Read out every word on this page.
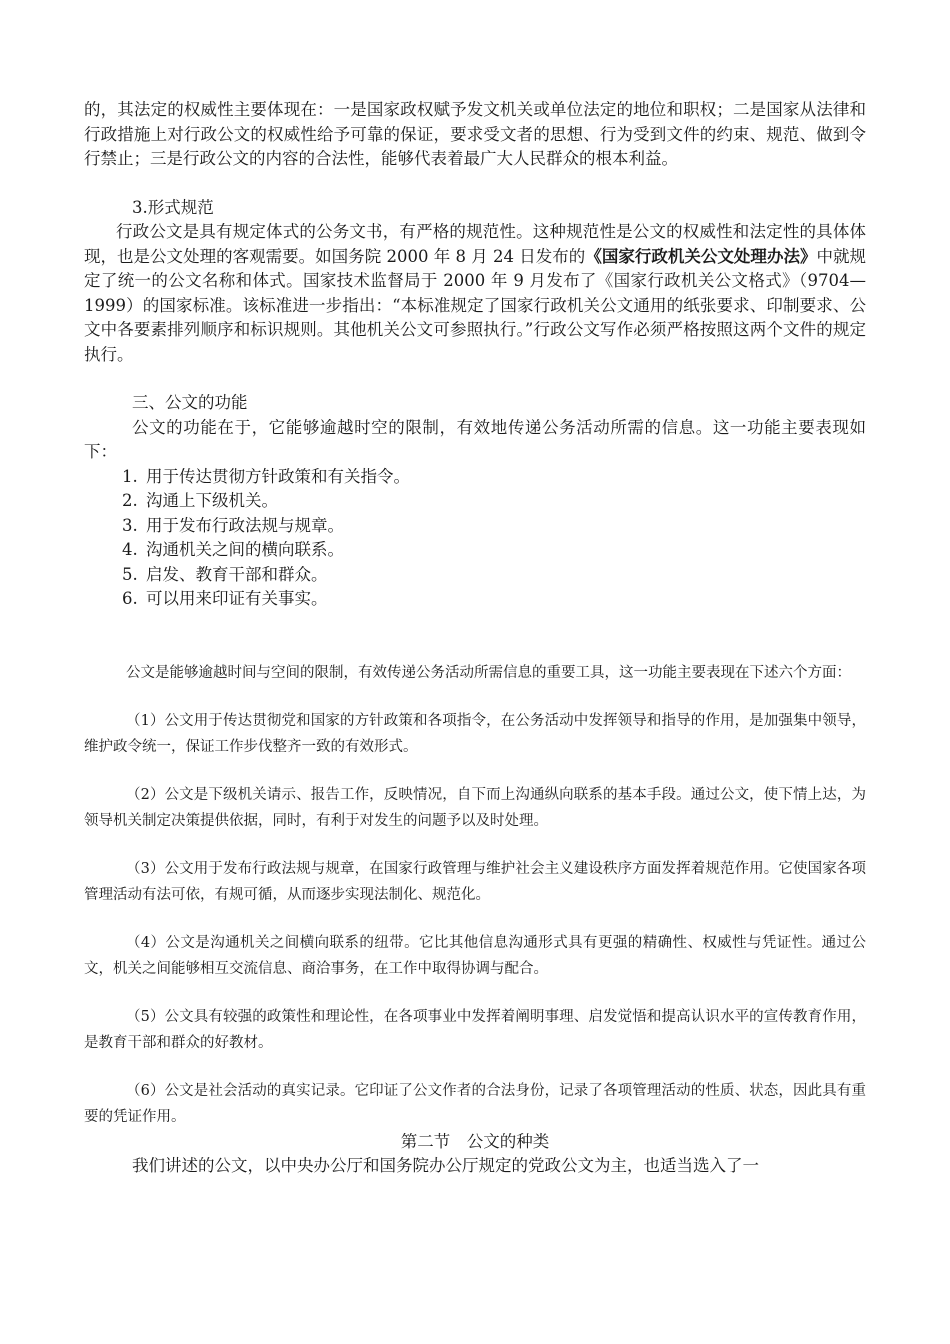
的，其法定的权威性主要体现在：一是国家政权赋予发文机关或单位法定的地位和职权；二是国家从法律和行政措施上对行政公文的权威性给予可靠的保证，要求受文者的思想、行为受到文件的约束、规范、做到令行禁止；三是行政公文的内容的合法性，能够代表着最广大人民群众的根本利益。

3.形式规范

行政公文是具有规定体式的公务文书，有严格的规范性。这种规范性是公文的权威性和法定性的具体体现，也是公文处理的客观需要。如国务院 2000 年 8 月 24 日发布的《国家行政机关公文处理办法》中就规定了统一的公文名称和体式。国家技术监督局于 2000 年 9 月发布了《国家行政机关公文格式》（9704—1999）的国家标准。该标准进一步指出：“本标准规定了国家行政机关公文通用的纸张要求、印制要求、公文中各要素排列顺序和标识规则。其他机关公文可参照执行。”行政公文写作必须严格按照这两个文件的规定执行。

三、公文的功能

公文的功能在于，它能够逾越时空的限制，有效地传递公务活动所需的信息。这一功能主要表现如下：

1. 用于传达贯彻方针政策和有关指令。

2. 沟通上下级机关。

3. 用于发布行政法规与规章。

4. 沟通机关之间的横向联系。

5. 启发、教育干部和群众。

6. 可以用来印证有关事实。

公文是能够逾越时间与空间的限制，有效传递公务活动所需信息的重要工具，这一功能主要表现在下述六个方面：

（1）公文用于传达贯彻党和国家的方针政策和各项指令，在公务活动中发挥领导和指导的作用，是加强集中领导，维护政令统一，保证工作步伐整齐一致的有效形式。

（2）公文是下级机关请示、报告工作，反映情况，自下而上沟通纵向联系的基本手段。通过公文，使下情上达，为领导机关制定决策提供依据，同时，有利于对发生的问题予以及时处理。

（3）公文用于发布行政法规与规章，在国家行政管理与维护社会主义建设秩序方面发挥着规范作用。它使国家各项管理活动有法可依，有规可循，从而逐步实现法制化、规范化。

（4）公文是沟通机关之间横向联系的纽带。它比其他信息沟通形式具有更强的精确性、权威性与凭证性。通过公文，机关之间能够相互交流信息、商洽事务，在工作中取得协调与配合。

（5）公文具有较强的政策性和理论性，在各项事业中发挥着阐明事理、启发觉悟和提高认识水平的宣传教育作用，是教育干部和群众的好教材。

（6）公文是社会活动的真实记录。它印证了公文作者的合法身份，记录了各项管理活动的性质、状态，因此具有重要的凭证作用。

第二节　公文的种类

我们讲述的公文，以中央办公厅和国务院办公厅规定的党政公文为主，也适当选入了一
